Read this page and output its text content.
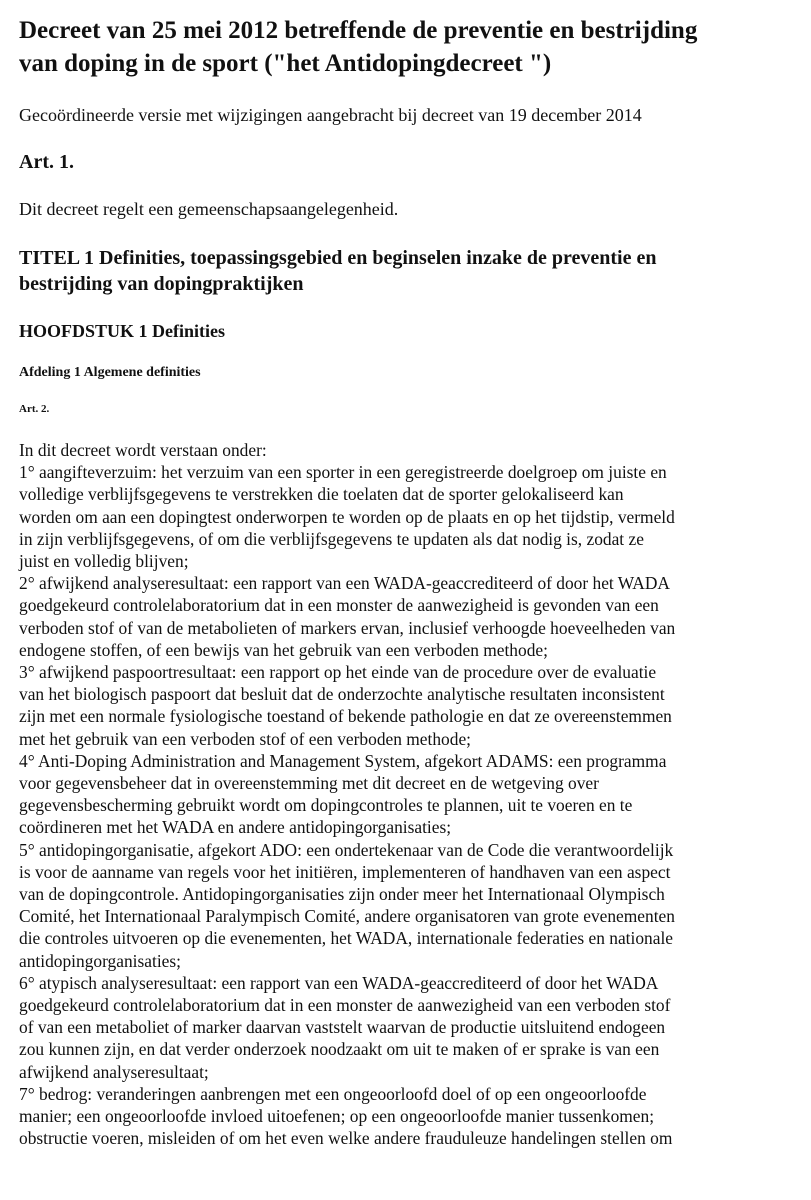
Decreet van 25 mei 2012 betreffende de preventie en bestrijding
van doping in de sport ("het Antidopingdecreet ")

Gecoördineerde versie met wijzigingen aangebracht bij decreet van 19 december 2014

Art. 1.

Dit decreet regelt een gemeenschapsaangelegenheid.

TITEL 1 Definities, toepassingsgebied en beginselen inzake de preventie en
bestrijding van dopingpraktijken
HOOFDSTUK 1 Definities
Afdeling 1 Algemene definities
Art. 2.
In dit decreet wordt verstaan onder:
1° aangifteverzuim: het verzuim van een sporter in een geregistreerde doelgroep om juiste en
volledige verblijfsgegevens te verstrekken die toelaten dat de sporter gelokaliseerd kan
worden om aan een dopingtest onderworpen te worden op de plaats en op het tijdstip, vermeld
in zijn verblijfsgegevens, of om die verblijfsgegevens te updaten als dat nodig is, zodat ze
juist en volledig blijven;
2° afwijkend analyseresultaat: een rapport van een WADA-geaccrediteerd of door het WADA
goedgekeurd controlelaboratorium dat in een monster de aanwezigheid is gevonden van een
verboden stof of van de metabolieten of markers ervan, inclusief verhoogde hoeveelheden van
endogene stoffen, of een bewijs van het gebruik van een verboden methode;
3° afwijkend paspoortresultaat: een rapport op het einde van de procedure over de evaluatie
van het biologisch paspoort dat besluit dat de onderzochte analytische resultaten inconsistent
zijn met een normale fysiologische toestand of bekende pathologie en dat ze overeenstemmen
met het gebruik van een verboden stof of een verboden methode;
4° Anti-Doping Administration and Management System, afgekort ADAMS: een programma
voor gegevensbeheer dat in overeenstemming met dit decreet en de wetgeving over
gegevensbescherming gebruikt wordt om dopingcontroles te plannen, uit te voeren en te
coördineren met het WADA en andere antidopingorganisaties;
5° antidopingorganisatie, afgekort ADO: een ondertekenaar van de Code die verantwoordelijk
is voor de aanname van regels voor het initiëren, implementeren of handhaven van een aspect
van de dopingcontrole. Antidopingorganisaties zijn onder meer het Internationaal Olympisch
Comité, het Internationaal Paralympisch Comité, andere organisatoren van grote evenementen
die controles uitvoeren op die evenementen, het WADA, internationale federaties en nationale
antidopingorganisaties;
6° atypisch analyseresultaat: een rapport van een WADA-geaccrediteerd of door het WADA
goedgekeurd controlelaboratorium dat in een monster de aanwezigheid van een verboden stof
of van een metaboliet of marker daarvan vaststelt waarvan de productie uitsluitend endogeen
zou kunnen zijn, en dat verder onderzoek noodzaakt om uit te maken of er sprake is van een
afwijkend analyseresultaat;
7° bedrog: veranderingen aanbrengen met een ongeoorloofd doel of op een ongeoorloofde
manier; een ongeoorloofde invloed uitoefenen; op een ongeoorloofde manier tussenkomen;
obstructie voeren, misleiden of om het even welke andere frauduleuze handelingen stellen om
